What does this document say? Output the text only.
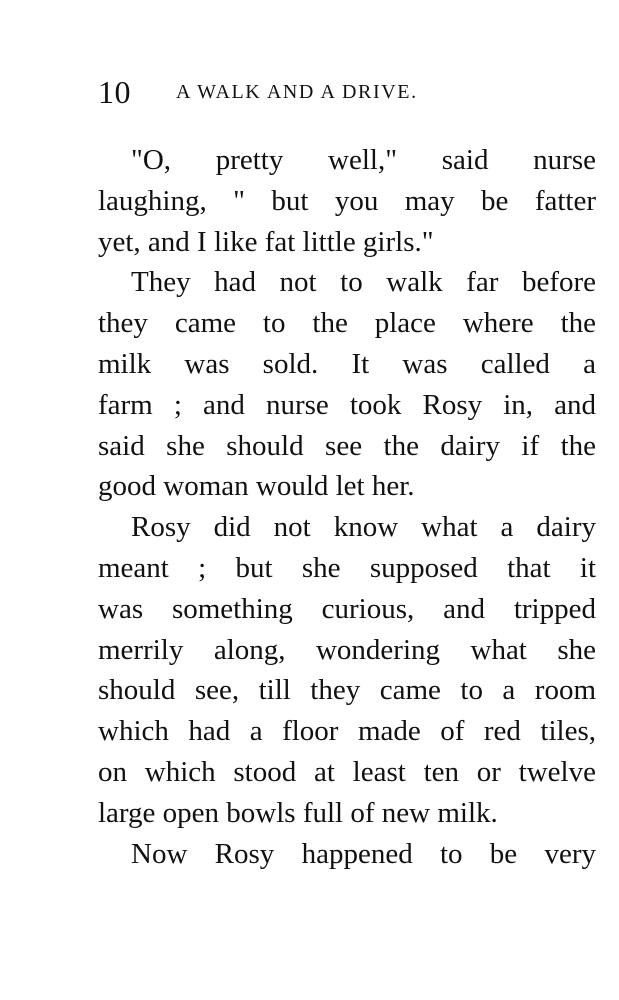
10 A WALK AND A DRIVE.
"O, pretty well," said nurse
laughing, " but you may be fatter
yet, and I like fat little girls."
They had not to walk far before
they came to the place where the
milk was sold. It was called a
farm ; and nurse took Rosy in, and
said she should see the dairy if the
good woman would let her.
Rosy did not know what a dairy
meant ; but she supposed that it
was something curious, and tripped
merrily along, wondering what she
should see, till they came to a room
which had a floor made of red tiles,
on which stood at least ten or twelve
large open bowls full of new milk.
Now Rosy happened to be very
